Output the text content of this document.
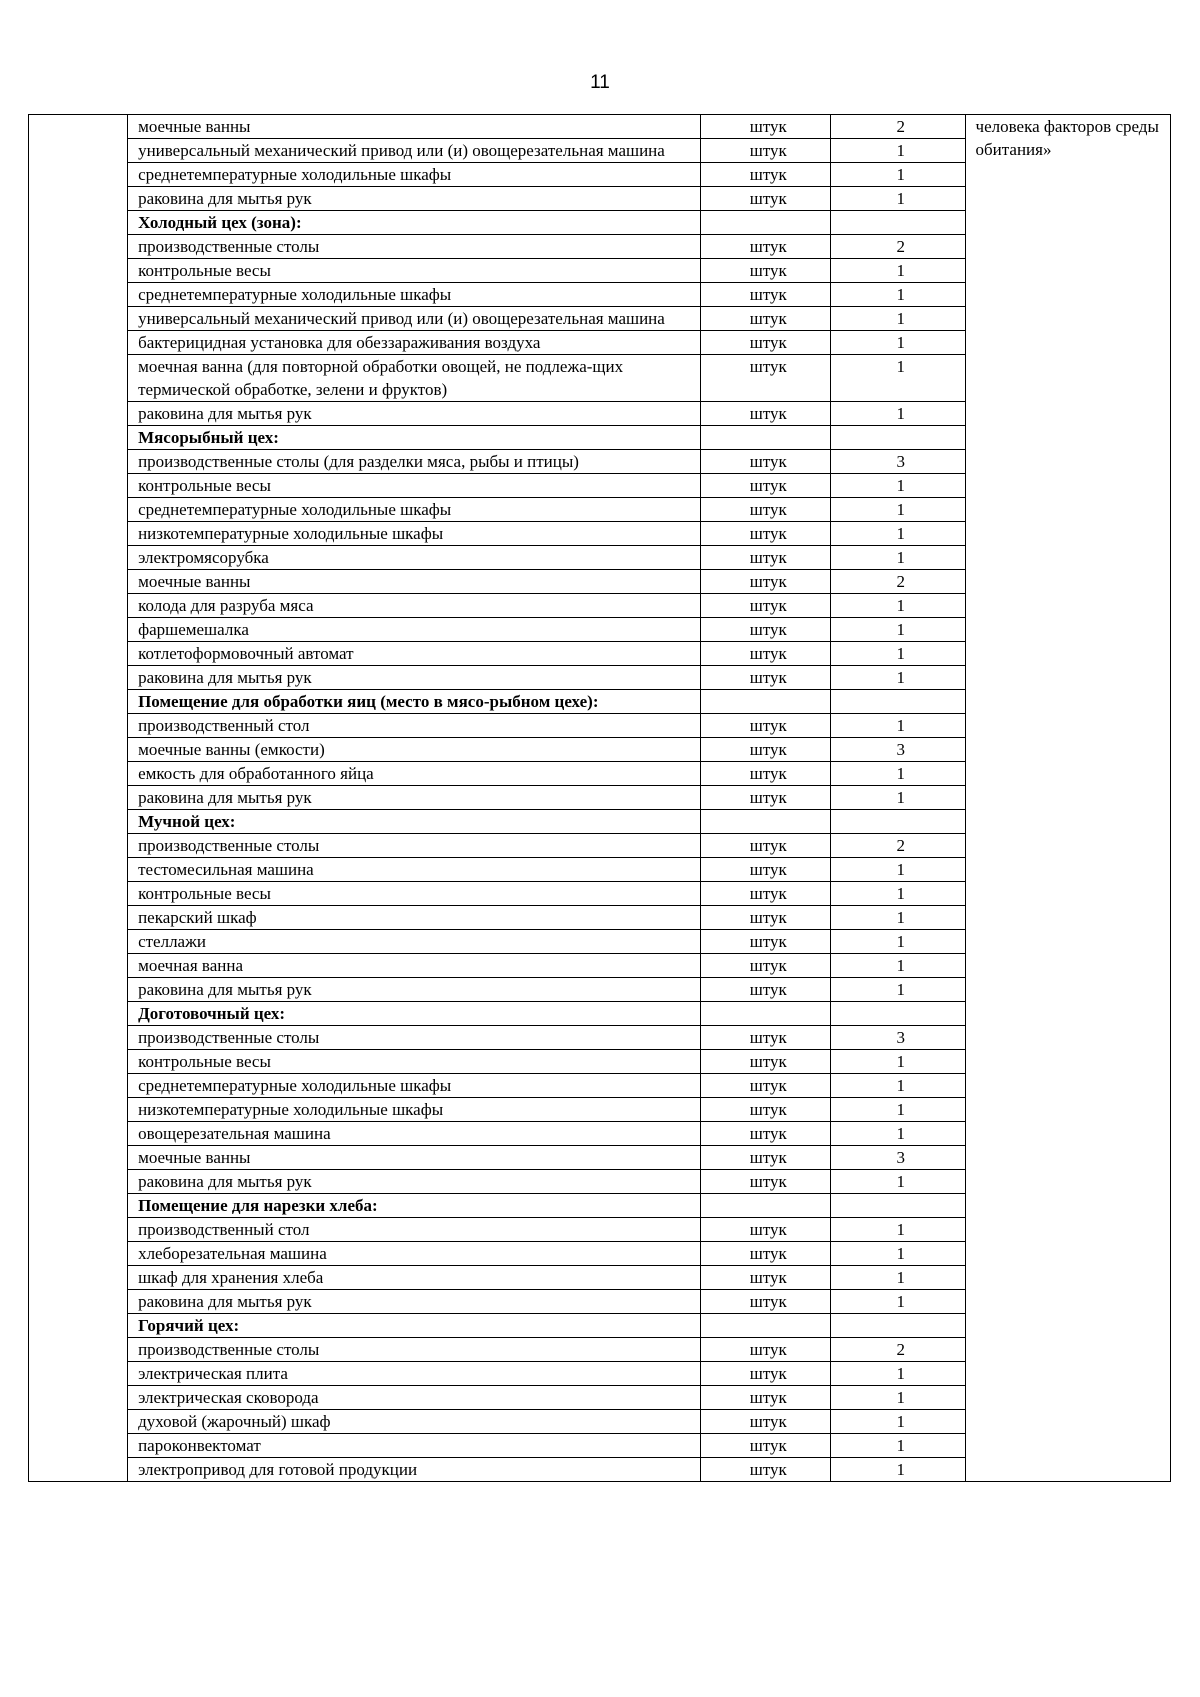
11
	моечные ванны	штук	2	человека факторов среды обитания»
	универсальный механический привод или (и) овощерезательная машина	штук	1	
	среднетемпературные холодильные шкафы	штук	1	
	раковина для мытья рук	штук	1	
	Холодный цех (зона):			
	производственные столы	штук	2	
	контрольные весы	штук	1	
	среднетемпературные холодильные шкафы	штук	1	
	универсальный механический привод или (и) овощерезательная машина	штук	1	
	бактерицидная установка для обеззараживания воздуха	штук	1	
	моечная ванна (для повторной обработки овощей, не подлежа-щих термической обработке, зелени и фруктов)	штук	1	
	раковина для мытья рук	штук	1	
	Мясорыбный цех:			
	производственные столы (для разделки мяса, рыбы и птицы)	штук	3	
	контрольные весы	штук	1	
	среднетемпературные холодильные шкафы	штук	1	
	низкотемпературные холодильные шкафы	штук	1	
	электромясорубка	штук	1	
	моечные ванны	штук	2	
	колода для разруба мяса	штук	1	
	фаршемешалка	штук	1	
	котлетоформовочный автомат	штук	1	
	раковина для мытья рук	штук	1	
	Помещение для обработки яиц (место в мясо-рыбном цехе):			
	производственный стол	штук	1	
	моечные ванны (емкости)	штук	3	
	емкость для обработанного яйца	штук	1	
	раковина для мытья рук	штук	1	
	Мучной цех:			
	производственные столы	штук	2	
	тестомесильная машина	штук	1	
	контрольные весы	штук	1	
	пекарский шкаф	штук	1	
	стеллажи	штук	1	
	моечная ванна	штук	1	
	раковина для мытья рук	штук	1	
	Доготовочный цех:			
	производственные столы	штук	3	
	контрольные весы	штук	1	
	среднетемпературные холодильные шкафы	штук	1	
	низкотемпературные холодильные шкафы	штук	1	
	овощерезательная машина	штук	1	
	моечные ванны	штук	3	
	раковина для мытья рук	штук	1	
	Помещение для нарезки хлеба:			
	производственный стол	штук	1	
	хлеборезательная машина	штук	1	
	шкаф для хранения хлеба	штук	1	
	раковина для мытья рук	штук	1	
	Горячий цех:			
	производственные столы	штук	2	
	электрическая плита	штук	1	
	электрическая сковорода	штук	1	
	духовой (жарочный) шкаф	штук	1	
	пароконвектомат	штук	1	
	электропривод для готовой продукции	штук	1	
